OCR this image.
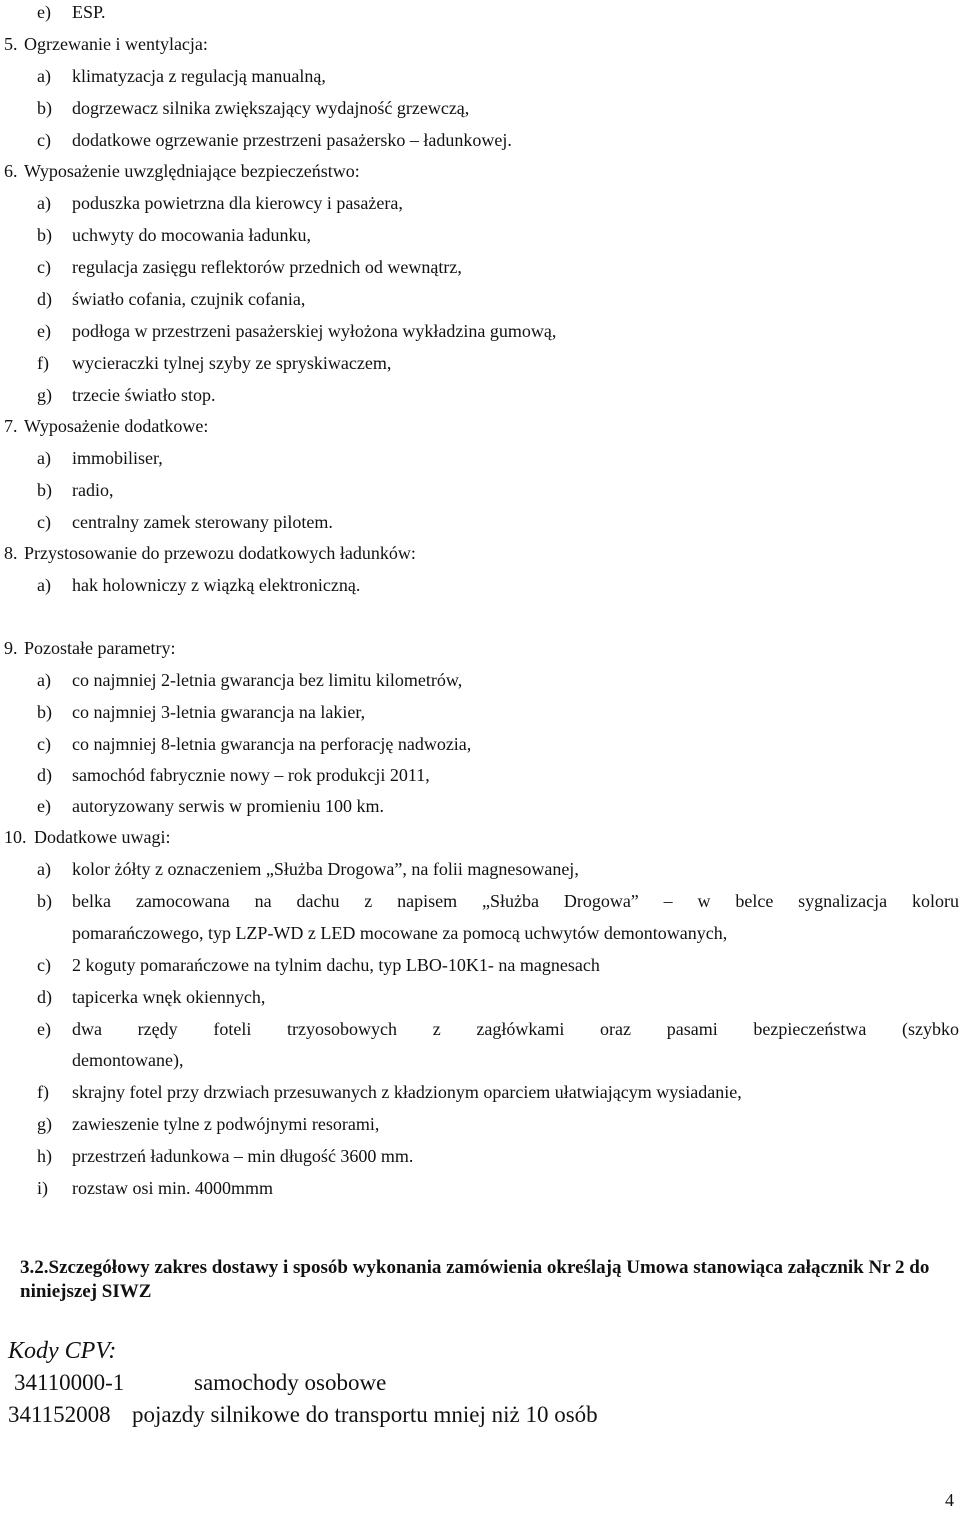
e) ESP.
5. Ogrzewanie i wentylacja:
a) klimatyzacja z regulacją manualną,
b) dogrzewacz silnika zwiększający wydajność grzewczą,
c) dodatkowe ogrzewanie przestrzeni pasażersko – ładunkowej.
6. Wyposażenie uwzględniające bezpieczeństwo:
a) poduszka powietrzna dla kierowcy i pasażera,
b) uchwyty do mocowania ładunku,
c) regulacja zasięgu reflektorów przednich od wewnątrz,
d) światło cofania, czujnik cofania,
e) podłoga w przestrzeni pasażerskiej wyłożona wykładzina gumową,
f) wycieraczki tylnej szyby ze spryskiwaczem,
g) trzecie światło stop.
7. Wyposażenie dodatkowe:
a) immobiliser,
b) radio,
c) centralny zamek sterowany pilotem.
8. Przystosowanie do przewozu dodatkowych ładunków:
a) hak holowniczy z wiązką elektroniczną.
9. Pozostałe parametry:
a) co najmniej 2-letnia gwarancja bez limitu kilometrów,
b) co najmniej 3-letnia gwarancja na lakier,
c) co najmniej 8-letnia gwarancja na perforację nadwozia,
d) samochód fabrycznie nowy – rok produkcji 2011,
e) autoryzowany serwis w promieniu 100 km.
10. Dodatkowe uwagi:
a) kolor żółty z oznaczeniem „Służba Drogowa”, na folii magnesowanej,
b)	belka zamocowana na dachu z napisem „Służba Drogowa” – w belce sygnalizacja koloru
pomarańczowego, typ LZP-WD z LED mocowane za pomocą uchwytów demontowanych,
c) 2 koguty pomarańczowe na tylnim dachu, typ LBO-10K1- na magnesach
d) tapicerka wnęk okiennych,
e)	dwa rzędy foteli trzyosobowych z zagłówkami oraz pasami bezpieczeństwa (szybko
demontowane),
f)	skrajny fotel przy drzwiach przesuwanych z kładzionym oparciem ułatwiającym wysiadanie,
g) zawieszenie tylne z podwójnymi resorami,
h) przestrzeń ładunkowa – min długość 3600 mm.
i) rozstaw osi min. 4000mmm
3.2.Szczegółowy zakres dostawy i sposób wykonania zamówienia określają Umowa stanowiąca załącznik Nr 2 do niniejszej SIWZ
Kody CPV:
34110000-1	samochody osobowe
341152008 pojazdy silnikowe do transportu mniej niż 10 osób
4
